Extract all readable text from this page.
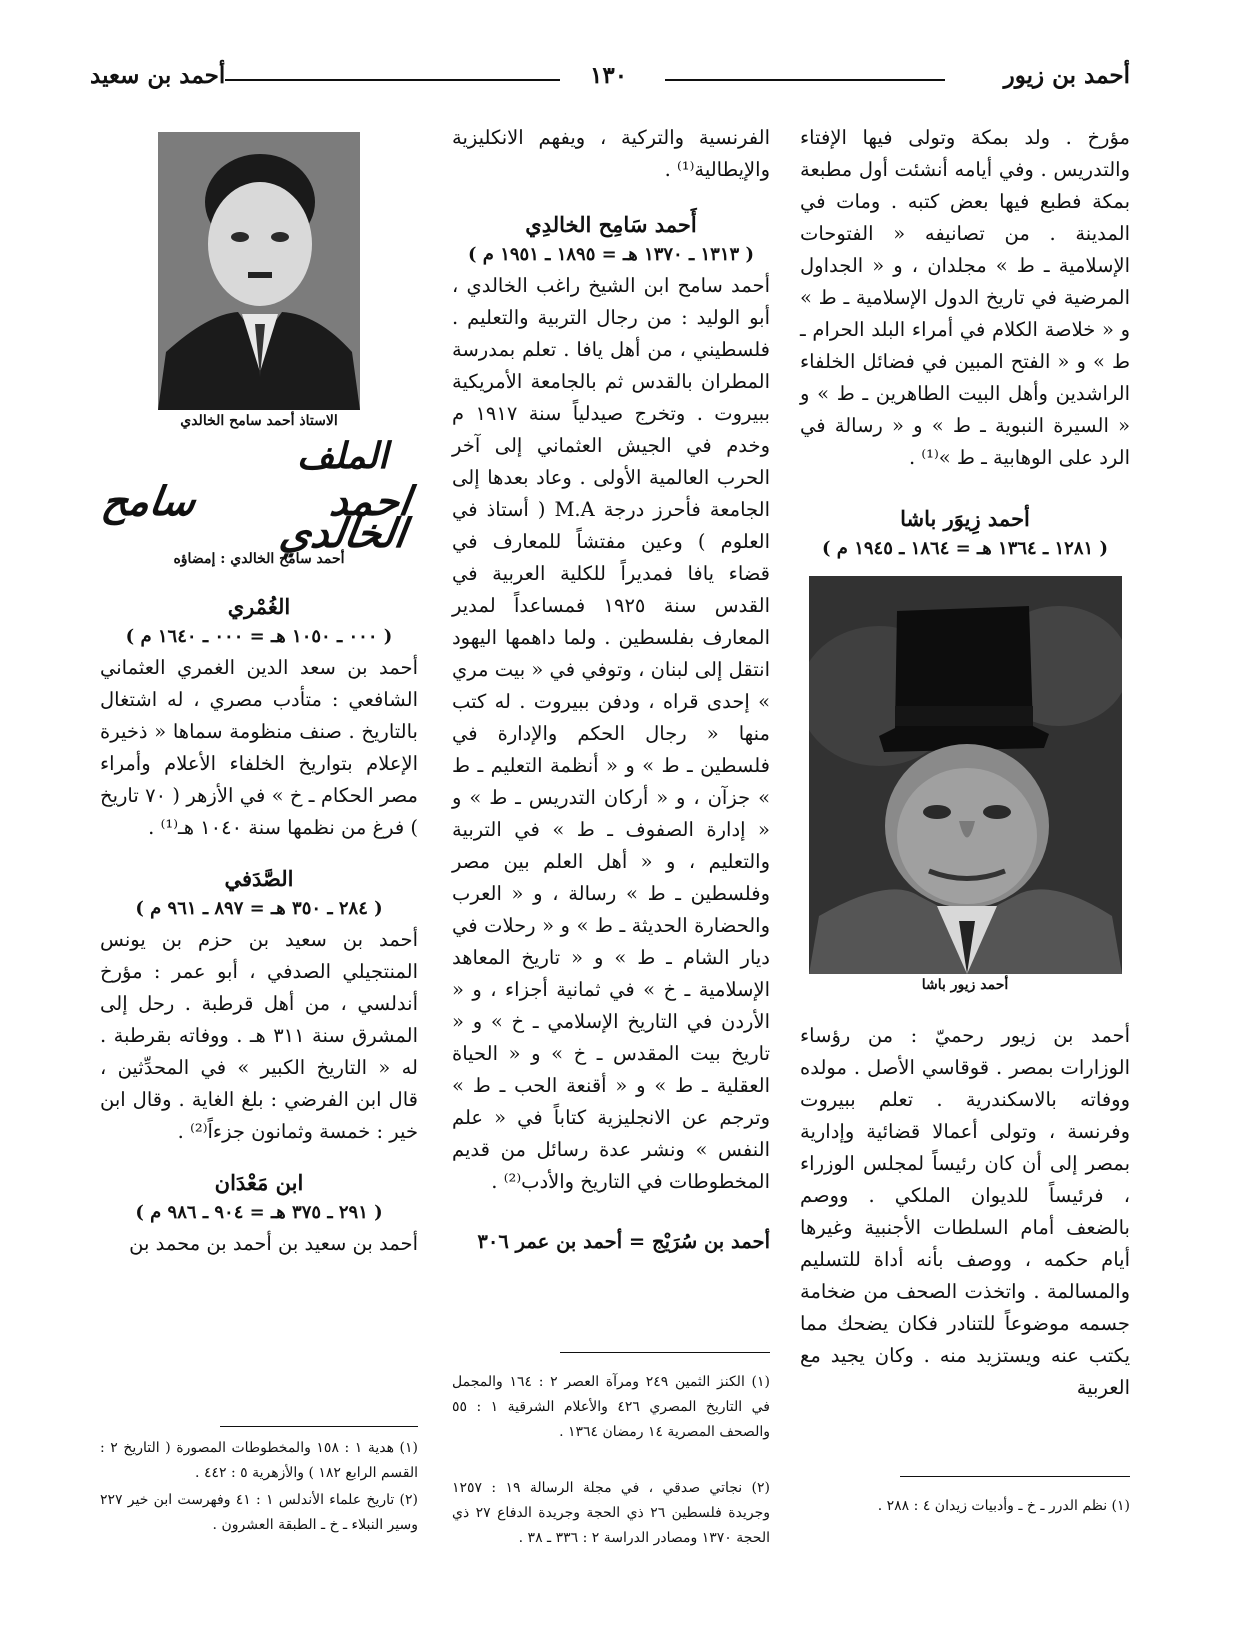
أحمد بن زيور
١٣٠
أحمد بن سعيد

مؤرخ . ولد بمكة وتولى فيها الإفتاء والتدريس . وفي أيامه أنشئت أول مطبعة بمكة فطبع فيها بعض كتبه . ومات في المدينة . من تصانيفه « الفتوحات الإسلامية ـ ط » مجلدان ، و « الجداول المرضية في تاريخ الدول الإسلامية ـ ط » و « خلاصة الكلام في أمراء البلد الحرام ـ ط » و « الفتح المبين في فضائل الخلفاء الراشدين وأهل البيت الطاهرين ـ ط » و « السيرة النبوية ـ ط » و « رسالة في الرد على الوهابية ـ ط »⁽¹⁾ .

أحمد زِيوَر باشا

( ١٢٨١ ـ ١٣٦٤ هـ = ١٨٦٤ ـ ١٩٤٥ م )

أحمد زيور باشا

أحمد بن زيور رحميّ : من رؤساء الوزارات بمصر . قوقاسي الأصل . مولده ووفاته بالاسكندرية . تعلم ببيروت وفرنسة ، وتولى أعمالا قضائية وإدارية بمصر إلى أن كان رئيساً لمجلس الوزراء ، فرئيساً للديوان الملكي . ووصم بالضعف أمام السلطات الأجنبية وغيرها أيام حكمه ، ووصف بأنه أداة للتسليم والمسالمة . واتخذت الصحف من ضخامة جسمه موضوعاً للتنادر فكان يضحك مما يكتب عنه ويستزيد منه . وكان يجيد مع العربية

(١) نظم الدرر ـ خ ـ وأدبيات زيدان ٤ : ٢٨٨ .

الفرنسية والتركية ، ويفهم الانكليزية والإيطالية⁽¹⁾ .

أَحمد سَامِح الخالدِي

( ١٣١٣ ـ ١٣٧٠ هـ = ١٨٩٥ ـ ١٩٥١ م )

أحمد سامح ابن الشيخ راغب الخالدي ، أبو الوليد : من رجال التربية والتعليم . فلسطيني ، من أهل يافا . تعلم بمدرسة المطران بالقدس ثم بالجامعة الأمريكية ببيروت . وتخرج صيدلياً سنة ١٩١٧ م وخدم في الجيش العثماني إلى آخر الحرب العالمية الأولى . وعاد بعدها إلى الجامعة فأحرز درجة M.A ( أستاذ في العلوم ) وعين مفتشاً للمعارف في قضاء يافا فمديراً للكلية العربية في القدس سنة ١٩٢٥ فمساعداً لمدير المعارف بفلسطين . ولما داهمها اليهود انتقل إلى لبنان ، وتوفي في « بيت مري » إحدى قراه ، ودفن ببيروت . له كتب منها « رجال الحكم والإدارة في فلسطين ـ ط » و « أنظمة التعليم ـ ط » جزآن ، و « أركان التدريس ـ ط » و « إدارة الصفوف ـ ط » في التربية والتعليم ، و « أهل العلم بين مصر وفلسطين ـ ط » رسالة ، و « العرب والحضارة الحديثة ـ ط » و « رحلات في ديار الشام ـ ط » و « تاريخ المعاهد الإسلامية ـ خ » في ثمانية أجزاء ، و « الأردن في التاريخ الإسلامي ـ خ » و « تاريخ بيت المقدس ـ خ » و « الحياة العقلية ـ ط » و « أقنعة الحب ـ ط » وترجم عن الانجليزية كتاباً في « علم النفس » ونشر عدة رسائل من قديم المخطوطات في التاريخ والأدب⁽²⁾ .

أحمد بن سُرَيْج = أحمد بن عمر ٣٠٦

(١) الكنز الثمين ٢٤٩ ومرآة العصر ٢ : ١٦٤ والمجمل في التاريخ المصري ٤٢٦ والأعلام الشرقية ١ : ٥٥ والصحف المصرية ١٤ رمضان ١٣٦٤ .
(٢) نجاتي صدقي ، في مجلة الرسالة ١٩ : ١٢٥٧ وجريدة فلسطين ٢٦ ذي الحجة وجريدة الدفاع ٢٧ ذي الحجة ١٣٧٠ ومصادر الدراسة ٢ : ٣٣٦ ـ ٣٨ .

الاستاذ أحمد سامح الخالدي

الملف
احمد سامح الخالدي

أحمد سامح الخالدي : إمضاؤه

الغُمْري

( ٠٠٠ ـ ١٠٥٠ هـ = ٠٠٠ ـ ١٦٤٠ م )

أحمد بن سعد الدين الغمري العثماني الشافعي : متأدب مصري ، له اشتغال بالتاريخ . صنف منظومة سماها « ذخيرة الإعلام بتواريخ الخلفاء الأعلام وأمراء مصر الحكام ـ خ » في الأزهر ( ٧٠ تاريخ ) فرغ من نظمها سنة ١٠٤٠ هـ⁽¹⁾ .

الصَّدَفي

( ٢٨٤ ـ ٣٥٠ هـ = ٨٩٧ ـ ٩٦١ م )

أحمد بن سعيد بن حزم بن يونس المنتجيلي الصدفي ، أبو عمر : مؤرخ أندلسي ، من أهل قرطبة . رحل إلى المشرق سنة ٣١١ هـ . ووفاته بقرطبة . له « التاريخ الكبير » في المحدِّثين ، قال ابن الفرضي : بلغ الغاية . وقال ابن خير : خمسة وثمانون جزءاً⁽²⁾ .

ابن مَعْدَان

( ٢٩١ ـ ٣٧٥ هـ = ٩٠٤ ـ ٩٨٦ م )

أحمد بن سعيد بن أحمد بن محمد بن

(١) هدية ١ : ١٥٨ والمخطوطات المصورة ( التاريخ ٢ : القسم الرابع ١٨٢ ) والأزهرية ٥ : ٤٤٢ .
(٢) تاريخ علماء الأندلس ١ : ٤١ وفهرست ابن خير ٢٢٧ وسير النبلاء ـ خ ـ الطبقة العشرون .
